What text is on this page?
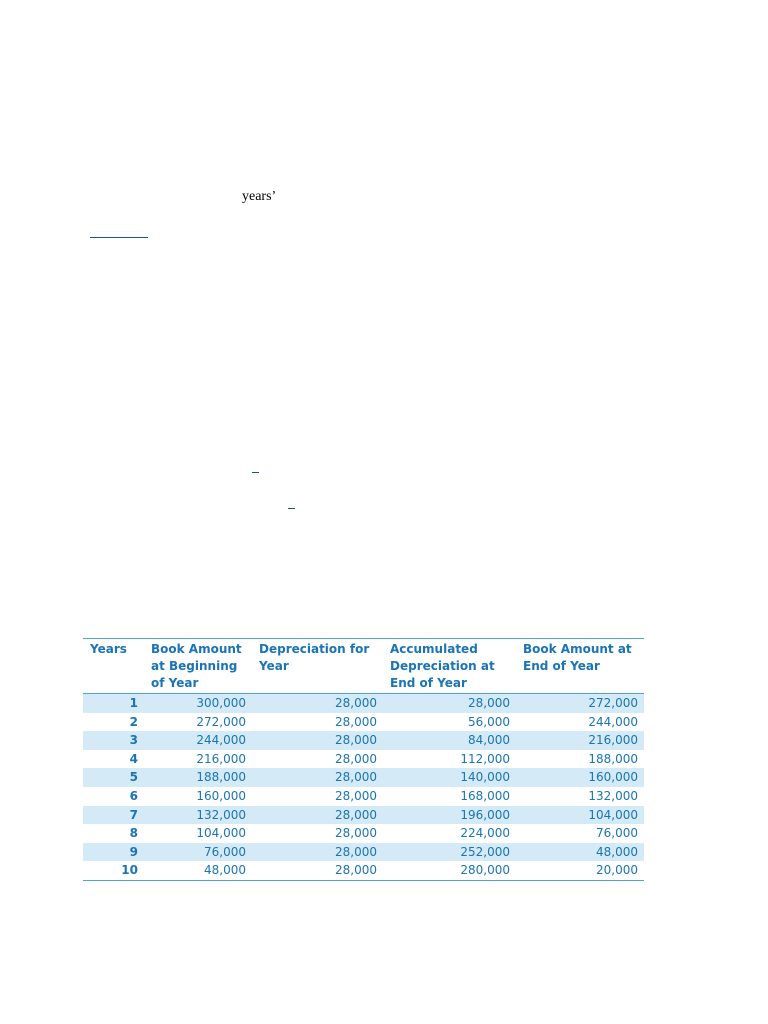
years’
Years	Book Amount at Beginning of Year	Depreciation for Year	Accumulated Depreciation at End of Year	Book Amount at End of Year
1	300,000	28,000	28,000	272,000
2	272,000	28,000	56,000	244,000
3	244,000	28,000	84,000	216,000
4	216,000	28,000	112,000	188,000
5	188,000	28,000	140,000	160,000
6	160,000	28,000	168,000	132,000
7	132,000	28,000	196,000	104,000
8	104,000	28,000	224,000	76,000
9	76,000	28,000	252,000	48,000
10	48,000	28,000	280,000	20,000
